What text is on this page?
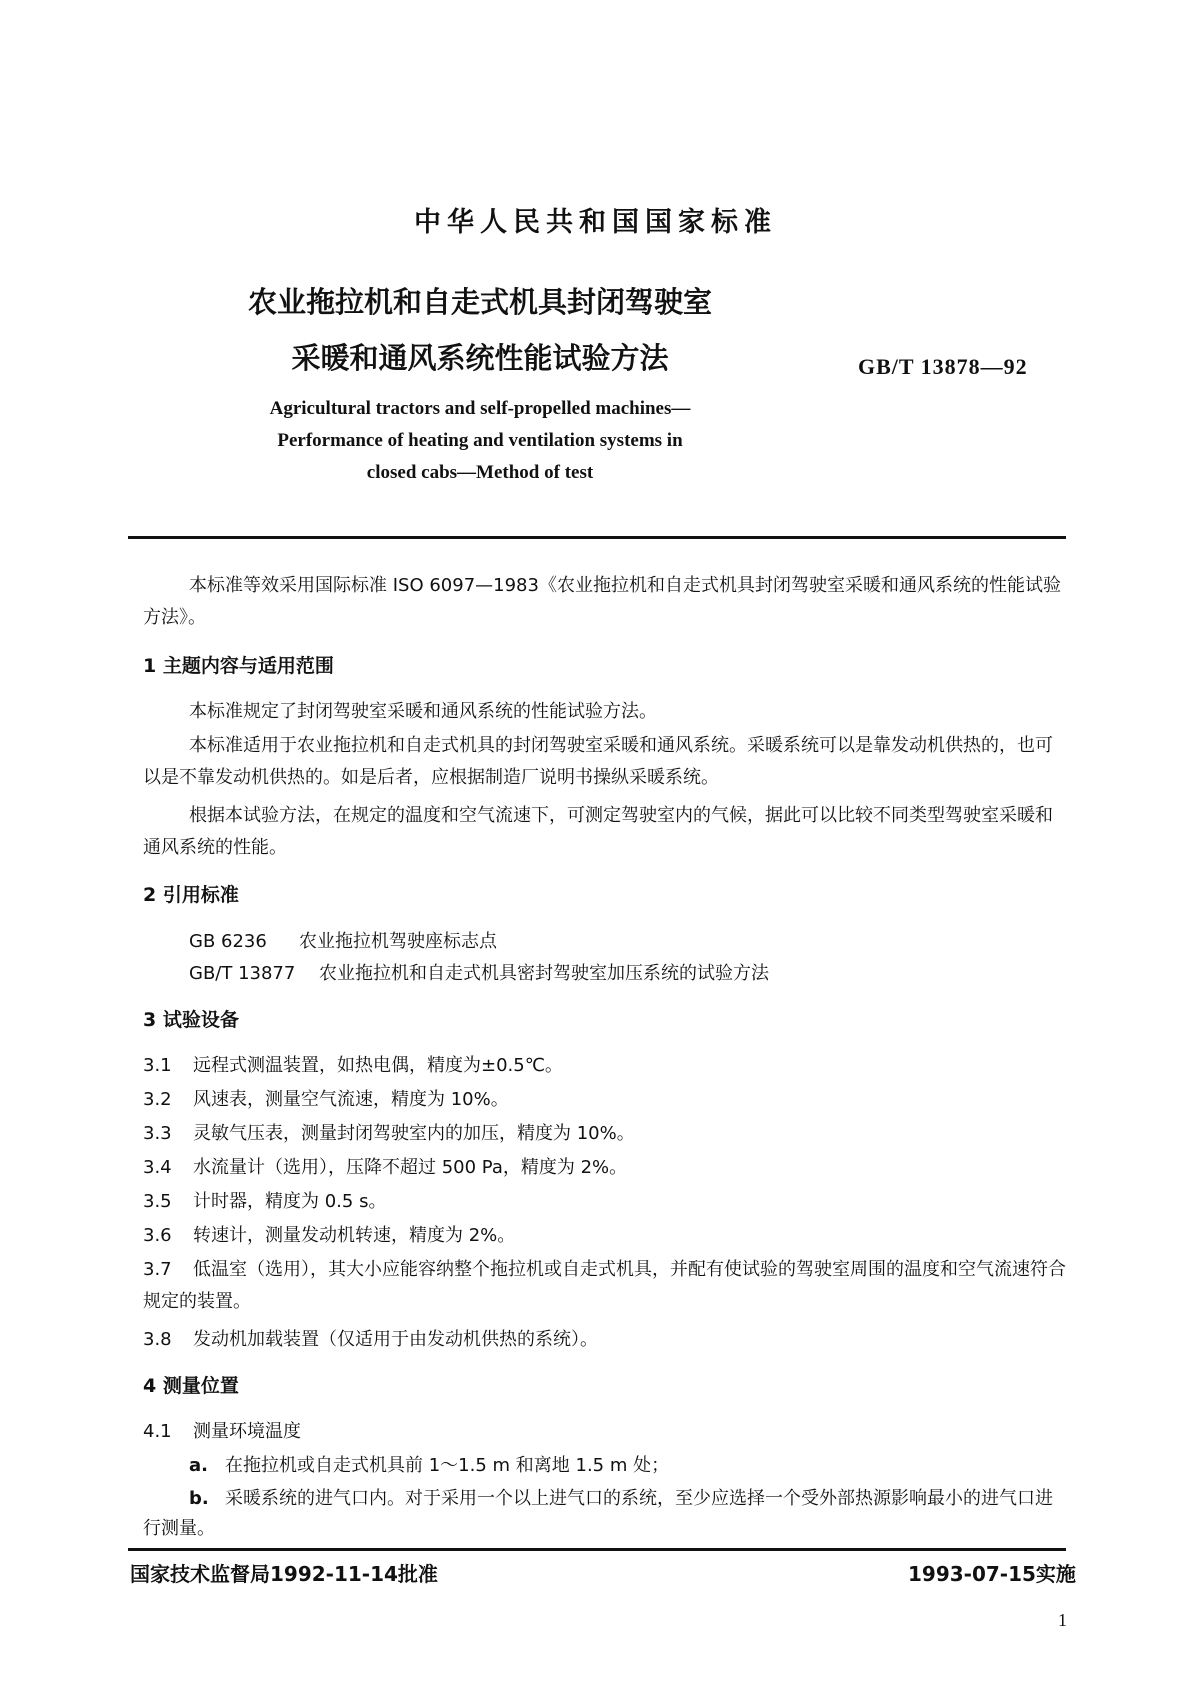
中华人民共和国国家标准
农业拖拉机和自走式机具封闭驾驶室
采暖和通风系统性能试验方法	GB/T 13878—92
Agricultural tractors and self-propelled machines—
Performance of heating and ventilation systems in
closed cabs—Method of test
本标准等效采用国际标准 ISO 6097—1983《农业拖拉机和自走式机具封闭驾驶室采暖和通风系统的性能试验方法》。
1 主题内容与适用范围
本标准规定了封闭驾驶室采暖和通风系统的性能试验方法。
本标准适用于农业拖拉机和自走式机具的封闭驾驶室采暖和通风系统。采暖系统可以是靠发动机供热的，也可以是不靠发动机供热的。如是后者，应根据制造厂说明书操纵采暖系统。
根据本试验方法，在规定的温度和空气流速下，可测定驾驶室内的气候，据此可以比较不同类型驾驶室采暖和通风系统的性能。
2 引用标准
GB 6236 农业拖拉机驾驶座标志点
GB/T 13877 农业拖拉机和自走式机具密封驾驶室加压系统的试验方法
3 试验设备
3.1 远程式测温装置，如热电偶，精度为±0.5℃。
3.2 风速表，测量空气流速，精度为 10%。
3.3 灵敏气压表，测量封闭驾驶室内的加压，精度为 10%。
3.4 水流量计（选用），压降不超过 500 Pa，精度为 2%。
3.5 计时器，精度为 0.5 s。
3.6 转速计，测量发动机转速，精度为 2%。
3.7 低温室（选用），其大小应能容纳整个拖拉机或自走式机具，并配有使试验的驾驶室周围的温度和空气流速符合规定的装置。
3.8 发动机加载装置（仅适用于由发动机供热的系统）。
4 测量位置
4.1 测量环境温度
a. 在拖拉机或自走式机具前 1～1.5 m 和离地 1.5 m 处；
b. 采暖系统的进气口内。对于采用一个以上进气口的系统，至少应选择一个受外部热源影响最小的进气口进行测量。
国家技术监督局1992-11-14批准	1993-07-15实施
1
